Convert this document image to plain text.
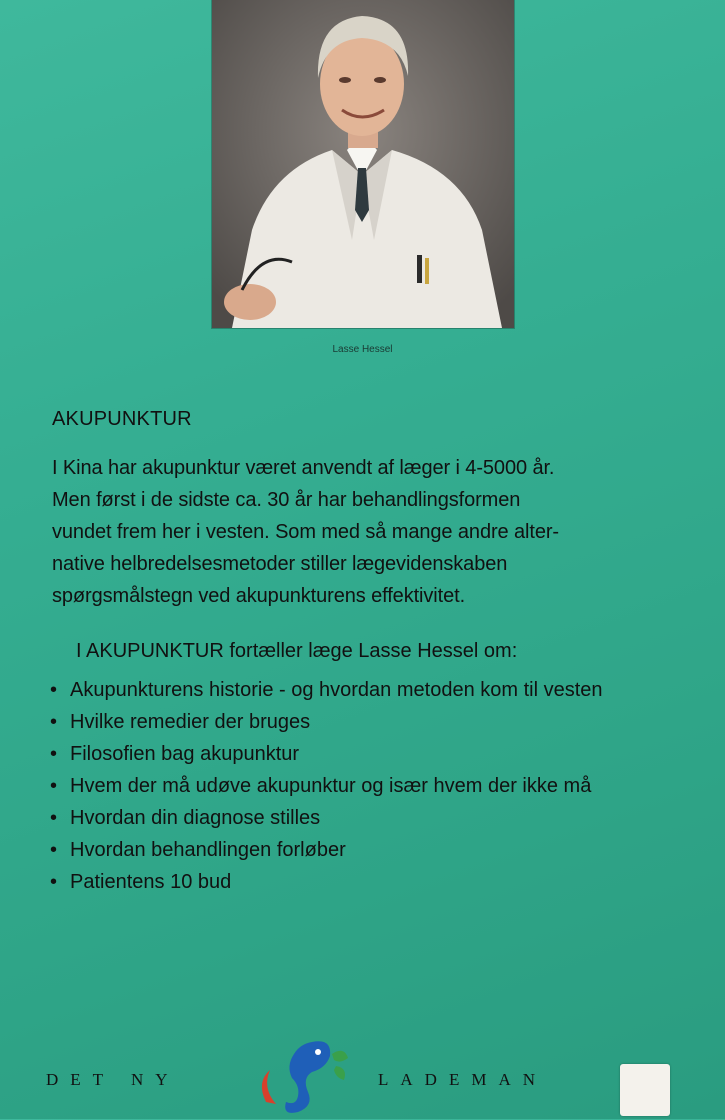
Lasse Hessel
AKUPUNKTUR
I Kina har akupunktur været anvendt af læger i 4-5000 år.
Men først i de sidste ca. 30 år har behandlingsformen
vundet frem her i vesten. Som med så mange andre alter-
native helbredelsesmetoder stiller lægevidenskaben
spørgsmålstegn ved akupunkturens effektivitet.
I AKUPUNKTUR fortæller læge Lasse Hessel om:
• Akupunkturens historie - og hvordan metoden kom til vesten
• Hvilke remedier der bruges
• Filosofien bag akupunktur
• Hvem der må udøve akupunktur og især hvem der ikke må
• Hvordan din diagnose stilles
• Hvordan behandlingen forløber
• Patientens 10 bud
DET NY	LADEMAN
